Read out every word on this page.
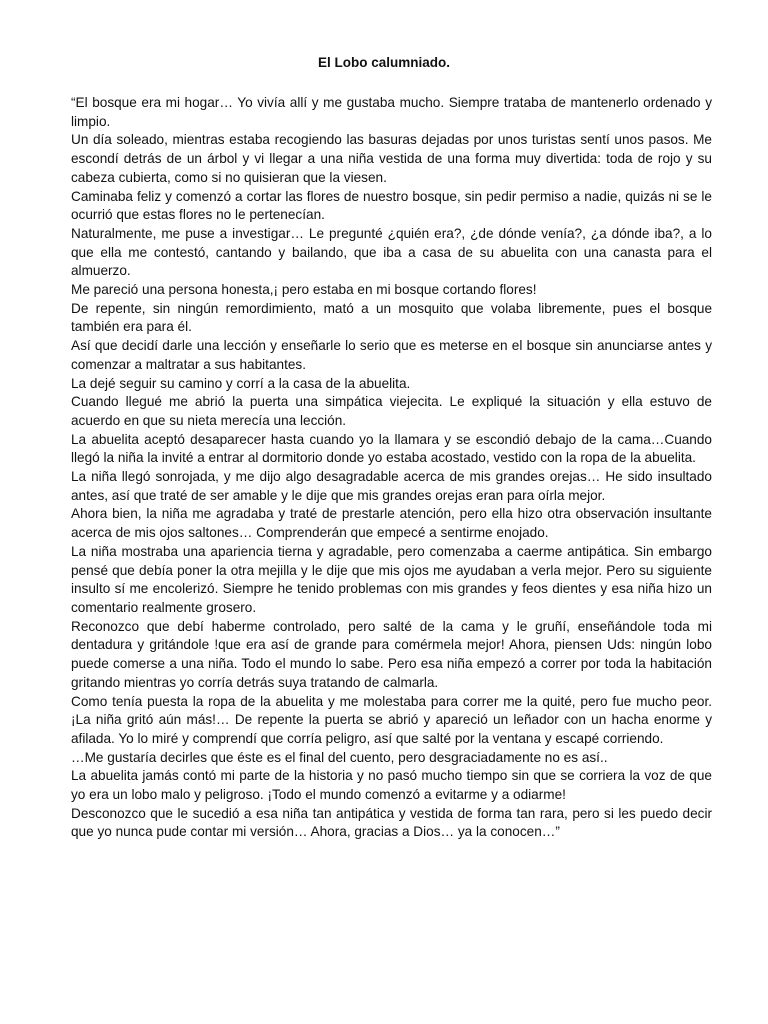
El Lobo calumniado.

“El bosque era mi hogar… Yo vivía allí y me gustaba mucho. Siempre trataba de mantenerlo ordenado y limpio.

Un día soleado, mientras estaba recogiendo las basuras dejadas por unos turistas sentí unos pasos. Me escondí detrás de un árbol y vi llegar a una niña vestida de una forma muy divertida: toda de rojo y su cabeza cubierta, como si no quisieran que la viesen.

Caminaba feliz y comenzó a cortar las flores de nuestro bosque, sin pedir permiso a nadie, quizás ni se le ocurrió que estas flores no le pertenecían.

Naturalmente, me puse a investigar… Le pregunté ¿quién era?, ¿de dónde venía?, ¿a dónde iba?, a lo que ella me contestó, cantando y bailando, que iba a casa de su abuelita con una canasta para el almuerzo.

Me pareció una persona honesta,¡ pero estaba en mi bosque cortando flores!

De repente, sin ningún remordimiento, mató a un mosquito que volaba libremente, pues el bosque también era para él.

Así que decidí darle una lección y enseñarle lo serio que es meterse en el bosque sin anunciarse antes y comenzar a maltratar a sus habitantes.

La dejé seguir su camino y corrí a la casa de la abuelita.

Cuando llegué me abrió la puerta una simpática viejecita. Le expliqué la situación y ella estuvo de acuerdo en que su nieta merecía una lección.

La abuelita aceptó desaparecer hasta cuando yo la llamara y se escondió debajo de la cama…Cuando llegó la niña la invité a entrar al dormitorio donde yo estaba acostado, vestido con la ropa de la abuelita.

La niña llegó sonrojada, y me dijo algo desagradable acerca de mis grandes orejas… He sido insultado antes, así que traté de ser amable y le dije que mis grandes orejas eran para oírla mejor.

Ahora bien, la niña me agradaba y traté de prestarle atención, pero ella hizo otra observación insultante acerca de mis ojos saltones… Comprenderán que empecé a sentirme enojado.

La niña mostraba una apariencia tierna y agradable, pero comenzaba a caerme antipática. Sin embargo pensé que debía poner la otra mejilla y le dije que mis ojos me ayudaban a verla mejor. Pero su siguiente insulto sí me encolerizó. Siempre he tenido problemas con mis grandes y feos dientes y esa niña hizo un comentario realmente grosero.

Reconozco que debí haberme controlado, pero salté de la cama y le gruñí, enseñándole toda mi dentadura y gritándole !que era así de grande para comérmela mejor! Ahora, piensen Uds: ningún lobo puede comerse a una niña. Todo el mundo lo sabe. Pero esa niña empezó a correr por toda la habitación gritando mientras yo corría detrás suya tratando de calmarla.

Como tenía puesta la ropa de la abuelita y me molestaba para correr me la quité, pero fue mucho peor. ¡La niña gritó aún más!… De repente la puerta se abrió y apareció un leñador con un hacha enorme y afilada. Yo lo miré y comprendí que corría peligro, así que salté por la ventana y escapé corriendo.

…Me gustaría decirles que éste es el final del cuento, pero desgraciadamente no es así..

La abuelita jamás contó mi parte de la historia y no pasó mucho tiempo sin que se corriera la voz de que yo era un lobo malo y peligroso. ¡Todo el mundo comenzó a evitarme y a odiarme!

Desconozco que le sucedió a esa niña tan antipática y vestida de forma tan rara, pero si les puedo decir que yo nunca pude contar mi versión… Ahora, gracias a Dios… ya la conocen…”
